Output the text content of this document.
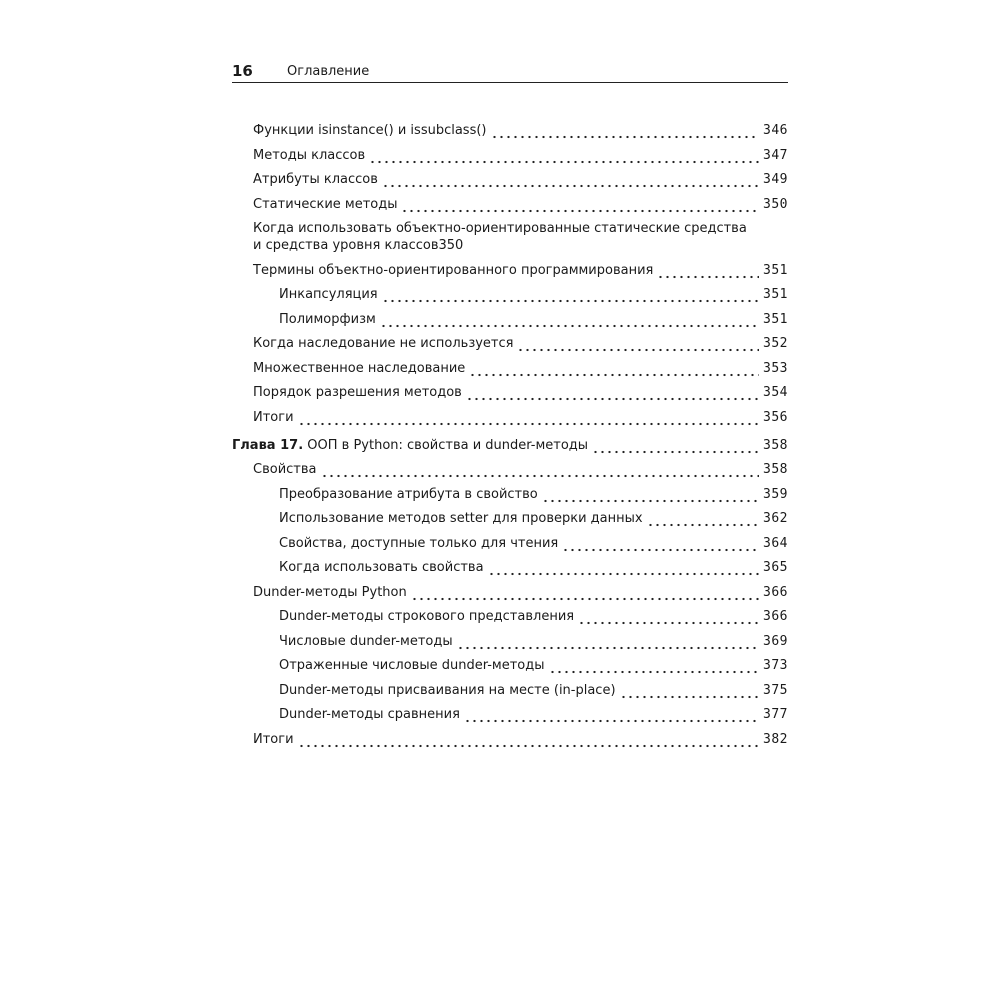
16	Оглавление
Функции isinstance() и issubclass()	346
Методы классов	347
Атрибуты классов	349
Статические методы	350
Когда использовать объектно-ориентированные статические средства
и средства уровня классов 350
Термины объектно-ориентированного программирования	351
Инкапсуляция	351
Полиморфизм	351
Когда наследование не используется	352
Множественное наследование	353
Порядок разрешения методов	354
Итоги	356
Глава 17. ООП в Python: свойства и dunder-методы	358
Свойства	358
Преобразование атрибута в свойство	359
Использование методов setter для проверки данных	362
Свойства, доступные только для чтения	364
Когда использовать свойства	365
Dunder-методы Python	366
Dunder-методы строкового представления	366
Числовые dunder-методы	369
Отраженные числовые dunder-методы	373
Dunder-методы присваивания на месте (in-place)	375
Dunder-методы сравнения	377
Итоги	382
